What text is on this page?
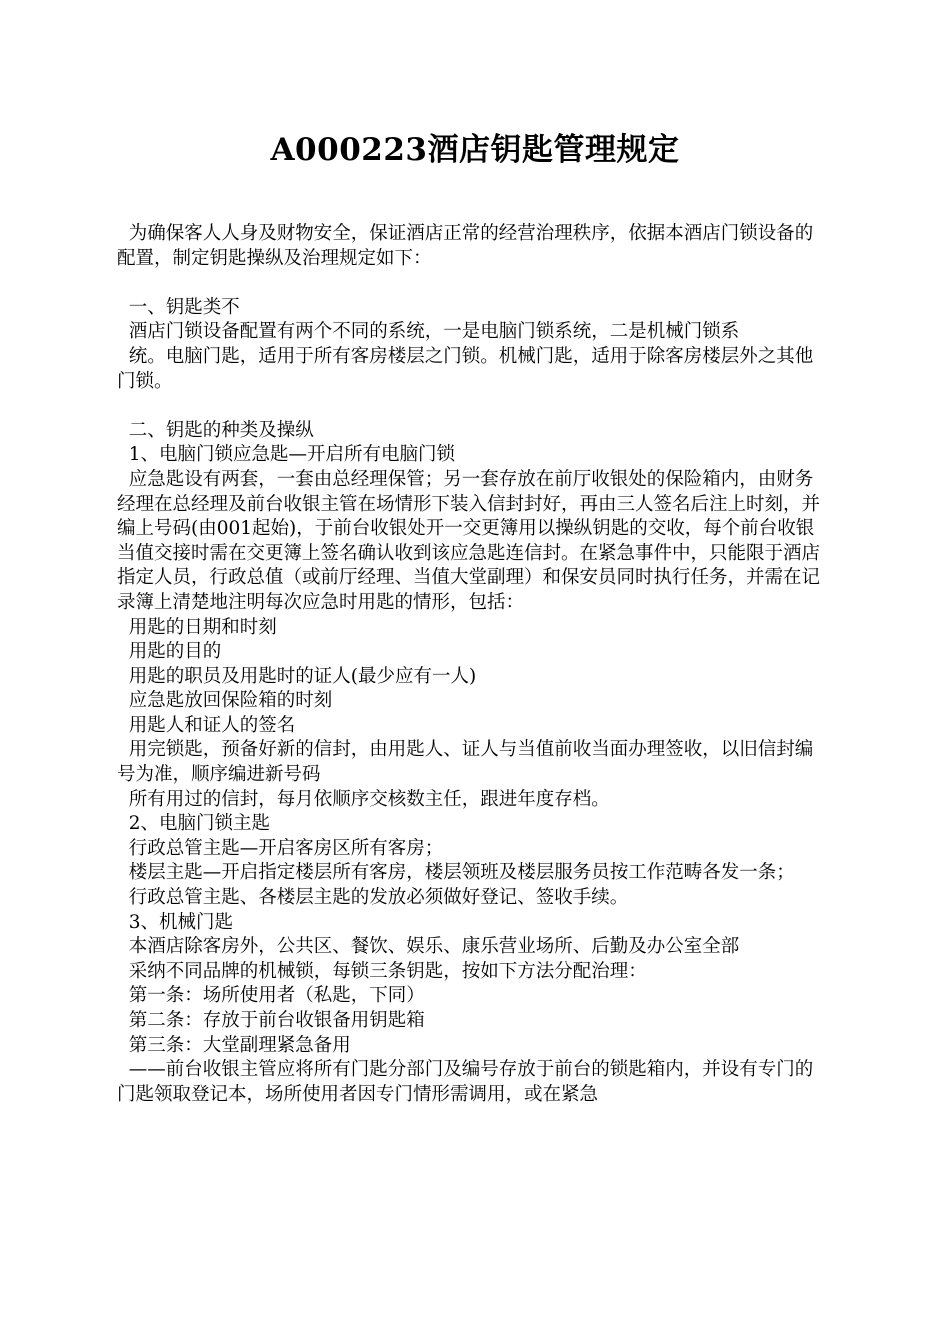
A000223酒店钥匙管理规定

为确保客人人身及财物安全，保证酒店正常的经营治理秩序，依据本酒店门锁设备的配置，制定钥匙操纵及治理规定如下：

一、钥匙类不

酒店门锁设备配置有两个不同的系统，一是电脑门锁系统，二是机械门锁系

统。电脑门匙，适用于所有客房楼层之门锁。机械门匙，适用于除客房楼层外之其他门锁。

二、钥匙的种类及操纵

1、电脑门锁应急匙—开启所有电脑门锁

应急匙设有两套，一套由总经理保管；另一套存放在前厅收银处的保险箱内，由财务经理在总经理及前台收银主管在场情形下装入信封封好，再由三人签名后注上时刻，并编上号码(由001起始)，于前台收银处开一交更簿用以操纵钥匙的交收，每个前台收银当值交接时需在交更簿上签名确认收到该应急匙连信封。在紧急事件中，只能限于酒店指定人员，行政总值（或前厅经理、当值大堂副理）和保安员同时执行任务，并需在记录簿上清楚地注明每次应急时用匙的情形，包括：

用匙的日期和时刻

用匙的目的

用匙的职员及用匙时的证人(最少应有一人)

应急匙放回保险箱的时刻

用匙人和证人的签名

用完锁匙，预备好新的信封，由用匙人、证人与当值前收当面办理签收，以旧信封编号为准，顺序编进新号码

所有用过的信封，每月依顺序交核数主任，跟进年度存档。

2、电脑门锁主匙

行政总管主匙—开启客房区所有客房；

楼层主匙—开启指定楼层所有客房，楼层领班及楼层服务员按工作范畴各发一条；

行政总管主匙、各楼层主匙的发放必须做好登记、签收手续。

3、机械门匙

本酒店除客房外，公共区、餐饮、娱乐、康乐营业场所、后勤及办公室全部

采纳不同品牌的机械锁，每锁三条钥匙，按如下方法分配治理：

第一条：场所使用者（私匙，下同）

第二条：存放于前台收银备用钥匙箱

第三条：大堂副理紧急备用

——前台收银主管应将所有门匙分部门及编号存放于前台的锁匙箱内，并设有专门的门匙领取登记本，场所使用者因专门情形需调用，或在紧急
